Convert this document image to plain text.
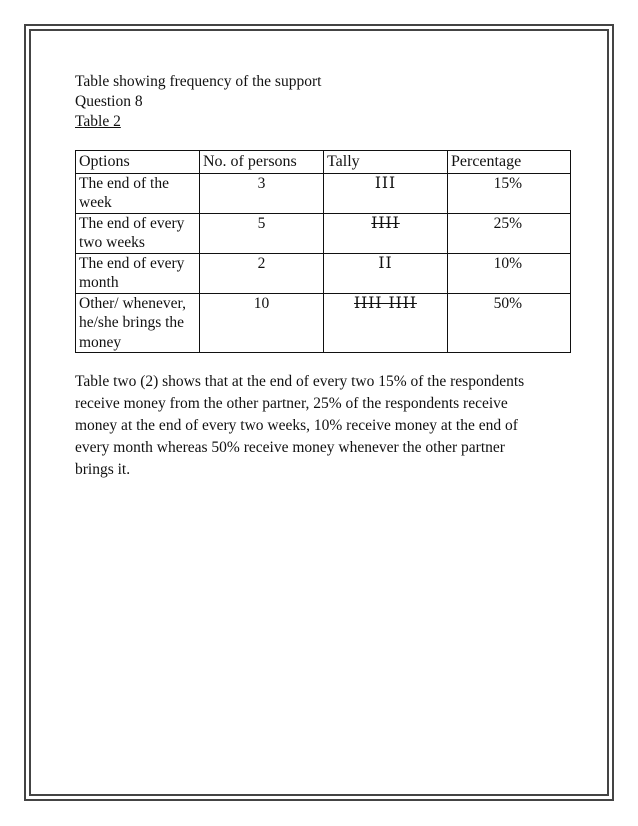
Table showing frequency of the support

Question 8

Table 2

Options	No. of persons	Tally	Percentage
The end of the week	3	III	15%
The end of every two weeks	5	IIII	25%
The end of every month	2	II	10%
Other/ whenever, he/she brings the money	10	IIII IIII	50%

Table two (2) shows that at the end of every two 15% of the respondents receive money from the other partner, 25% of the respondents receive money at the end of every two weeks, 10% receive money at the end of every month whereas 50% receive money whenever the other partner brings it.
